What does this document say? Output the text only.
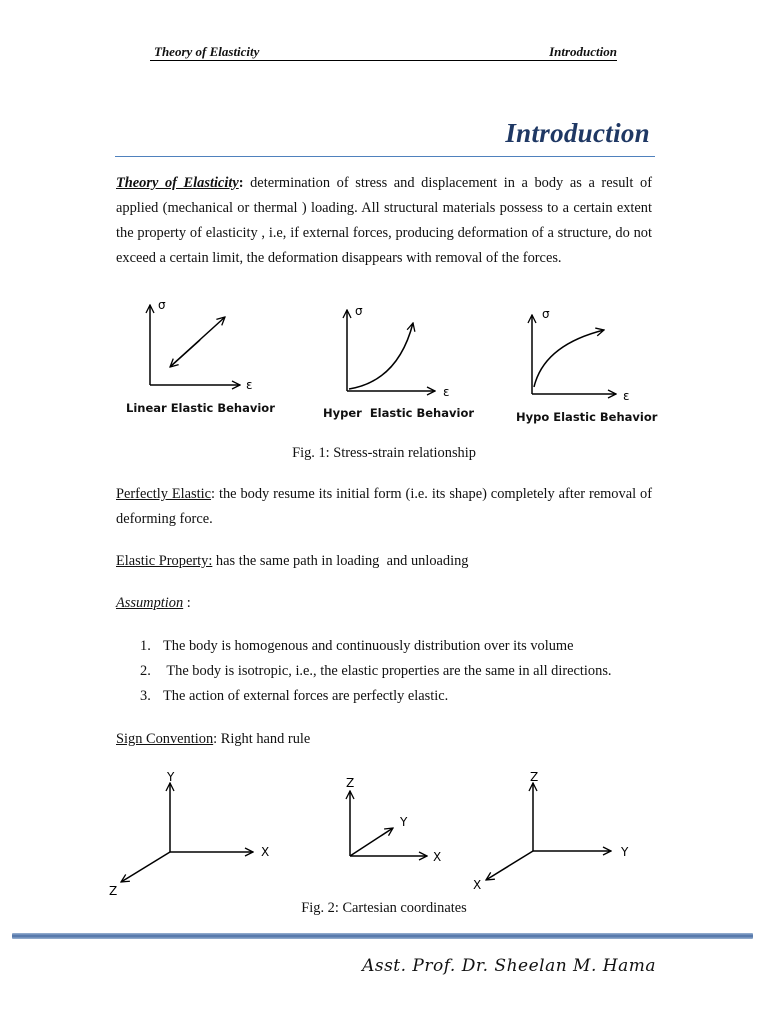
Theory of Elasticity	Introduction
Introduction
Theory of Elasticity: determination of stress and displacement in a body as a result of applied (mechanical or thermal ) loading. All structural materials possess to a certain extent the property of elasticity , i.e, if external forces, producing deformation of a structure, do not exceed a certain limit, the deformation disappears with removal of the forces.
σ
ε
σ
ε
σ
ε
Linear Elastic Behavior	Hyper  Elastic Behavior	Hypo Elastic Behavior
Fig. 1: Stress-strain relationship
Perfectly Elastic: the body resume its initial form (i.e. its shape) completely after removal of deforming force.
Elastic Property: has the same path in loading  and unloading
Assumption :
1. The body is homogenous and continuously distribution over its volume
2. The body is isotropic, i.e., the elastic properties are the same in all directions.
3. The action of external forces are perfectly elastic.
Sign Convention: Right hand rule
Y
X
Z
Z
X
Y
Z
Y
X
Fig. 2: Cartesian coordinates
Asst. Prof. Dr. Sheelan M. Hama
